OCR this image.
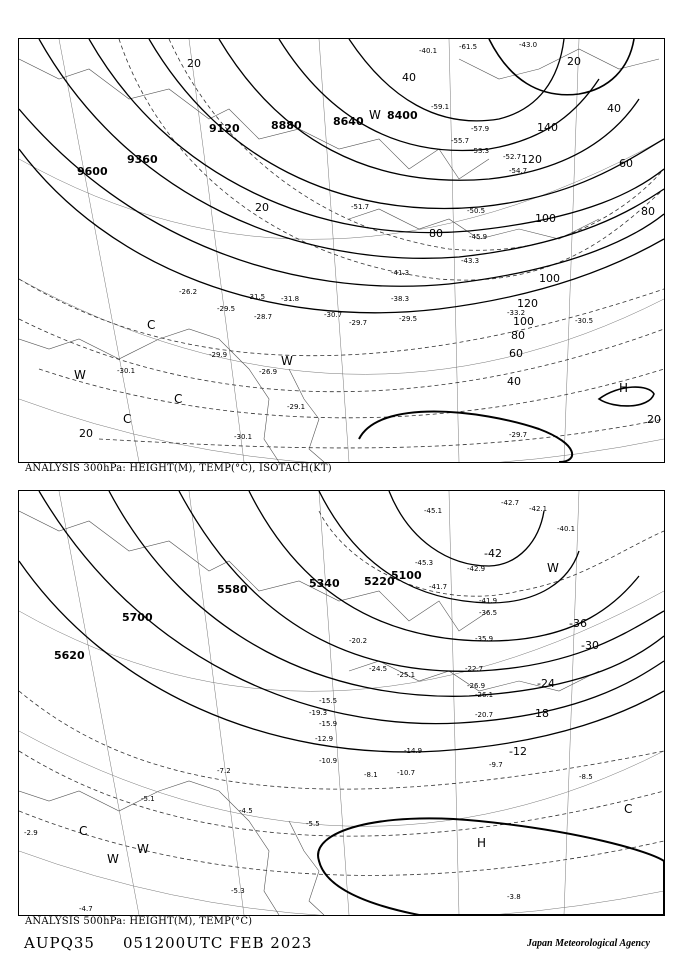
9600
9360
9120	8880	8640 8400
20
40
60
80
100
120
140
40
80
100
120
100
80
60
40
20
20
20
20
-26.2
-29.5
-31.5 -31.8
-30.7
-29.7
-28.7
-29.9
-30.1	-26.9
-29.1
-30.1
-41.3
-38.3
-43.3
-45.9
-50.5
-51.7
-53.3
-55.7
-57.9
-52.7
-54.7
-61.5	-43.0
-40.1
-59.1
-29.7
-30.5
-33.2
-29.5
C
C
C
W
W
W
H
ANALYSIS 300hPa: HEIGHT(M), TEMP(°C), ISOTACH(KT)
5700
5620
5580	5340 5220
5100
-42
-36
-30
-24
-18
-12
-42.7
-42.1
-40.1
-45.1
-45.3
-42.9
-41.7
-41.9
-36.5
-35.9
-26.1
-20.7
-22.7
-14.9
-9.7
-10.7	-8.5
-12.9
-15.5
-19.3
-20.2
-24.5
-25.1
-26.9
-15.9
-10.9
-8.1
-7.2
-4.5
-5.5
-5.1
-2.9
-3.8
-4.7
-5.3
C
C
W
W
W
H
ANALYSIS 500hPa: HEIGHT(M), TEMP(°C)
AUPQ35 051200UTC FEB 2023	Japan Meteorological Agency
